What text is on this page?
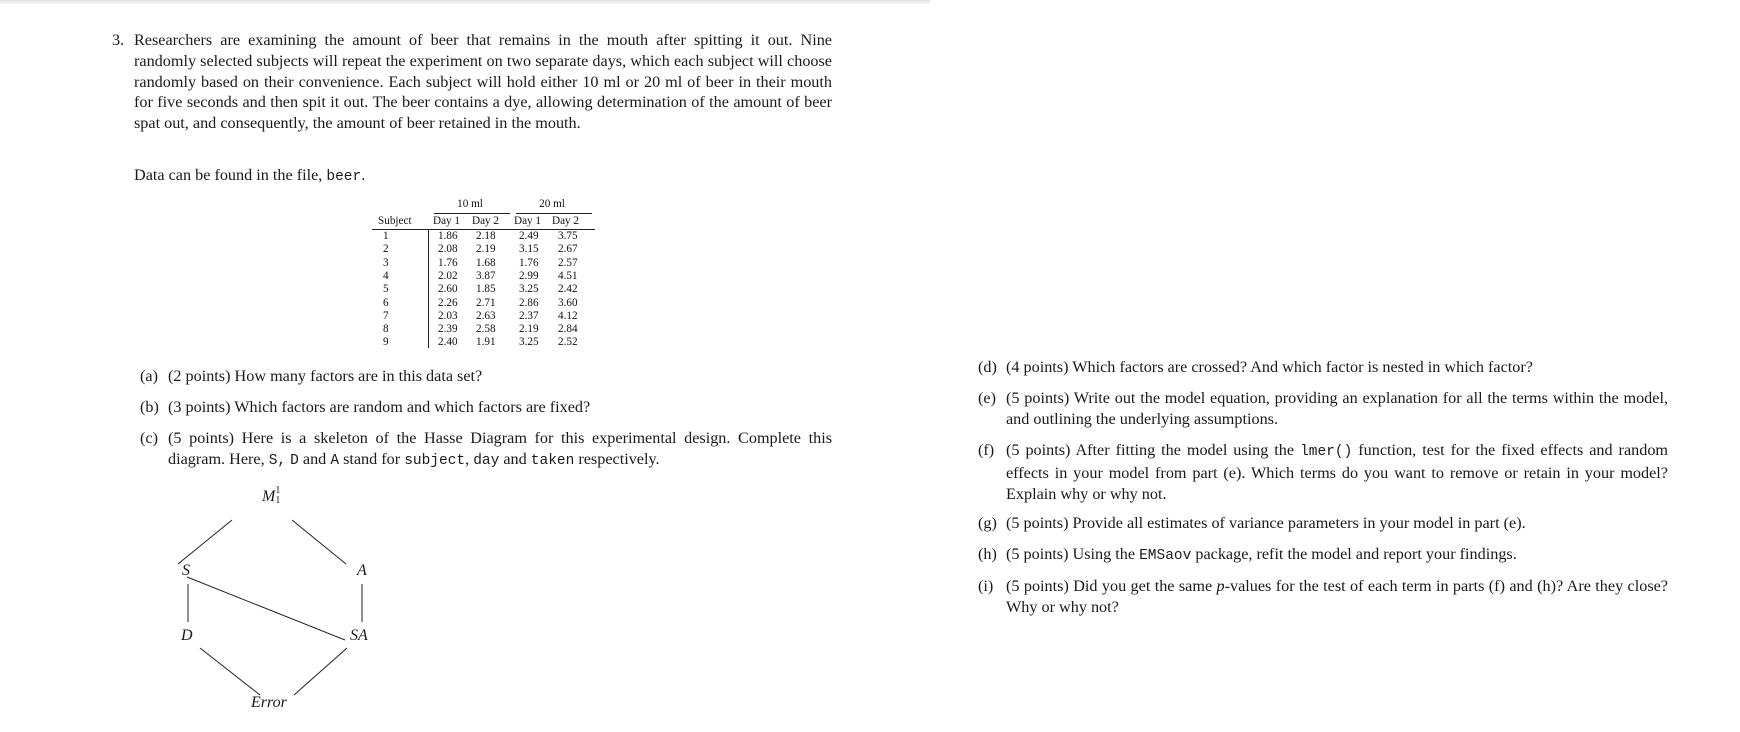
3. Researchers are examining the amount of beer that remains in the mouth after spitting it out. Nine randomly selected subjects will repeat the experiment on two separate days, which each subject will choose randomly based on their convenience. Each subject will hold either 10 ml or 20 ml of beer in their mouth for five seconds and then spit it out. The beer contains a dye, allowing determination of the amount of beer spat out, and consequently, the amount of beer retained in the mouth.
Data can be found in the file, beer.
10 ml	20 ml
Subject Day 1 Day 2 Day 1 Day 2
1	1.86 2.18 2.49 3.75
2	2.08 2.19 3.15 2.67
3	1.76 1.68 1.76 2.57
4	2.02 3.87 2.99 4.51
5	2.60 1.85 3.25 2.42
6	2.26 2.71 2.86 3.60
7	2.03 2.63 2.37 4.12
8	2.39 2.58 2.19 2.84
9	2.40 1.91 3.25 2.52
(a) (2 points) How many factors are in this data set?
(b) (3 points) Which factors are random and which factors are fixed?
(c) (5 points) Here is a skeleton of the Hasse Diagram for this experimental design. Complete this diagram. Here, S, D and A stand for subject, day and taken respectively.
M 1
1
S	A
D	SA
Error
(d) (4 points) Which factors are crossed? And which factor is nested in which factor?
(e) (5 points) Write out the model equation, providing an explanation for all the terms within the model, and outlining the underlying assumptions.
(f) (5 points) After fitting the model using the lmer() function, test for the fixed effects and random effects in your model from part (e). Which terms do you want to remove or retain in your model? Explain why or why not.
(g) (5 points) Provide all estimates of variance parameters in your model in part (e).
(h) (5 points) Using the EMSaov package, refit the model and report your findings.
(i) (5 points) Did you get the same p-values for the test of each term in parts (f) and (h)? Are they close? Why or why not?
